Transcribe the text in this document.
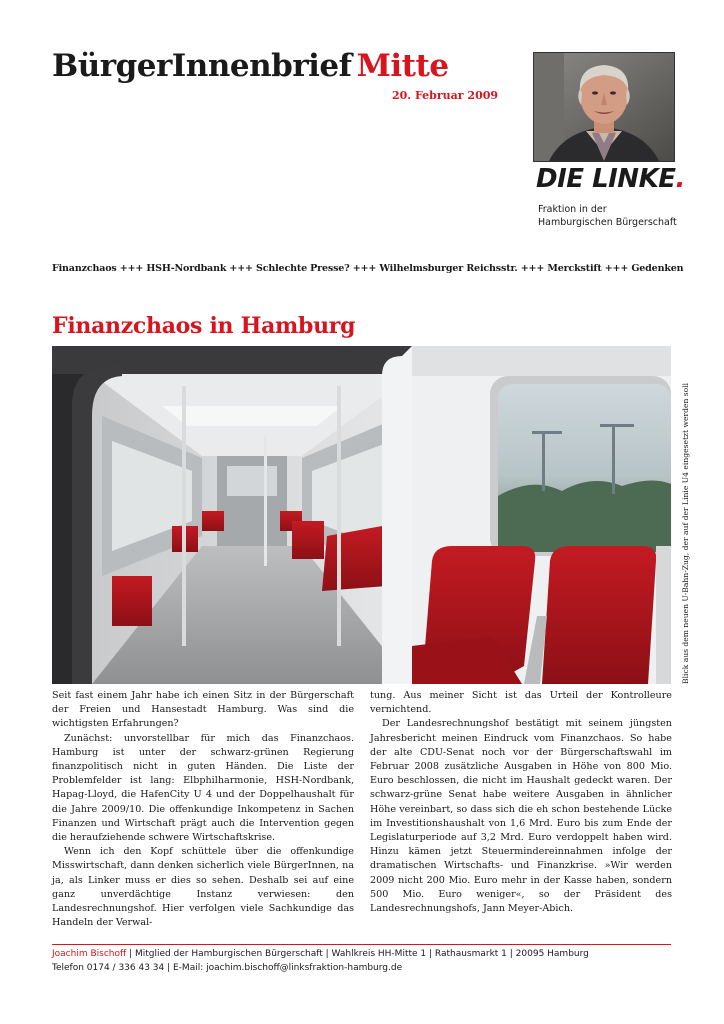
BürgerInnenbrief Mitte
20. Februar 2009
DIE LINKE.
Fraktion in der
Hamburgischen Bürgerschaft
Finanzchaos +++ HSH-Nordbank +++ Schlechte Presse? +++ Wilhelmsburger Reichsstr. +++ Merckstift +++ Gedenken
Finanzchaos in Hamburg
Blick aus dem neuen U-Bahn-Zug, der auf der Linie U4 eingesetzt werden soll

Seit fast einem Jahr habe ich einen Sitz in der Bürgerschaft der Freien und Hansestadt Hamburg. Was sind die wichtigsten Erfahrungen?

Zunächst: unvorstellbar für mich das Finanzchaos. Hamburg ist unter der schwarz-grünen Regierung finanzpolitisch nicht in guten Händen. Die Liste der Problemfelder ist lang: Elbphilharmonie, HSH-Nordbank, Hapag-Lloyd, die HafenCity U 4 und der Doppelhaushalt für die Jahre 2009/10. Die offenkundige Inkompetenz in Sachen Finanzen und Wirtschaft prägt auch die Intervention gegen die heraufziehende schwere Wirtschaftskrise.

Wenn ich den Kopf schüttele über die offenkundige Misswirtschaft, dann denken sicherlich viele BürgerInnen, na ja, als Linker muss er dies so sehen. Deshalb sei auf eine ganz unverdächtige Instanz verwiesen: den Landesrechnungshof. Hier verfolgen viele Sachkundige das Handeln der Verwal-

tung. Aus meiner Sicht ist das Urteil der Kontrolleure vernichtend.

Der Landesrechnungshof bestätigt mit seinem jüngsten Jahresbericht meinen Eindruck vom Finanzchaos. So habe der alte CDU-Senat noch vor der Bürgerschaftswahl im Februar 2008 zusätzliche Ausgaben in Höhe von 800 Mio. Euro beschlossen, die nicht im Haushalt gedeckt waren. Der schwarz-grüne Senat habe weitere Ausgaben in ähnlicher Höhe vereinbart, so dass sich die eh schon bestehende Lücke im Investitionshaushalt von 1,6 Mrd. Euro bis zum Ende der Legislaturperiode auf 3,2 Mrd. Euro verdoppelt haben wird. Hinzu kämen jetzt Steuermindereinnahmen infolge der dramatischen Wirtschafts- und Finanzkrise. »Wir werden 2009 nicht 200 Mio. Euro mehr in der Kasse haben, sondern 500 Mio. Euro weniger«, so der Präsident des Landesrechnungshofs, Jann Meyer-Abich.

Joachim Bischoff | Mitglied der Hamburgischen Bürgerschaft | Wahlkreis HH-Mitte 1 | Rathausmarkt 1 | 20095 Hamburg
Telefon 0174 / 336 43 34 | E-Mail: joachim.bischoff@linksfraktion-hamburg.de
